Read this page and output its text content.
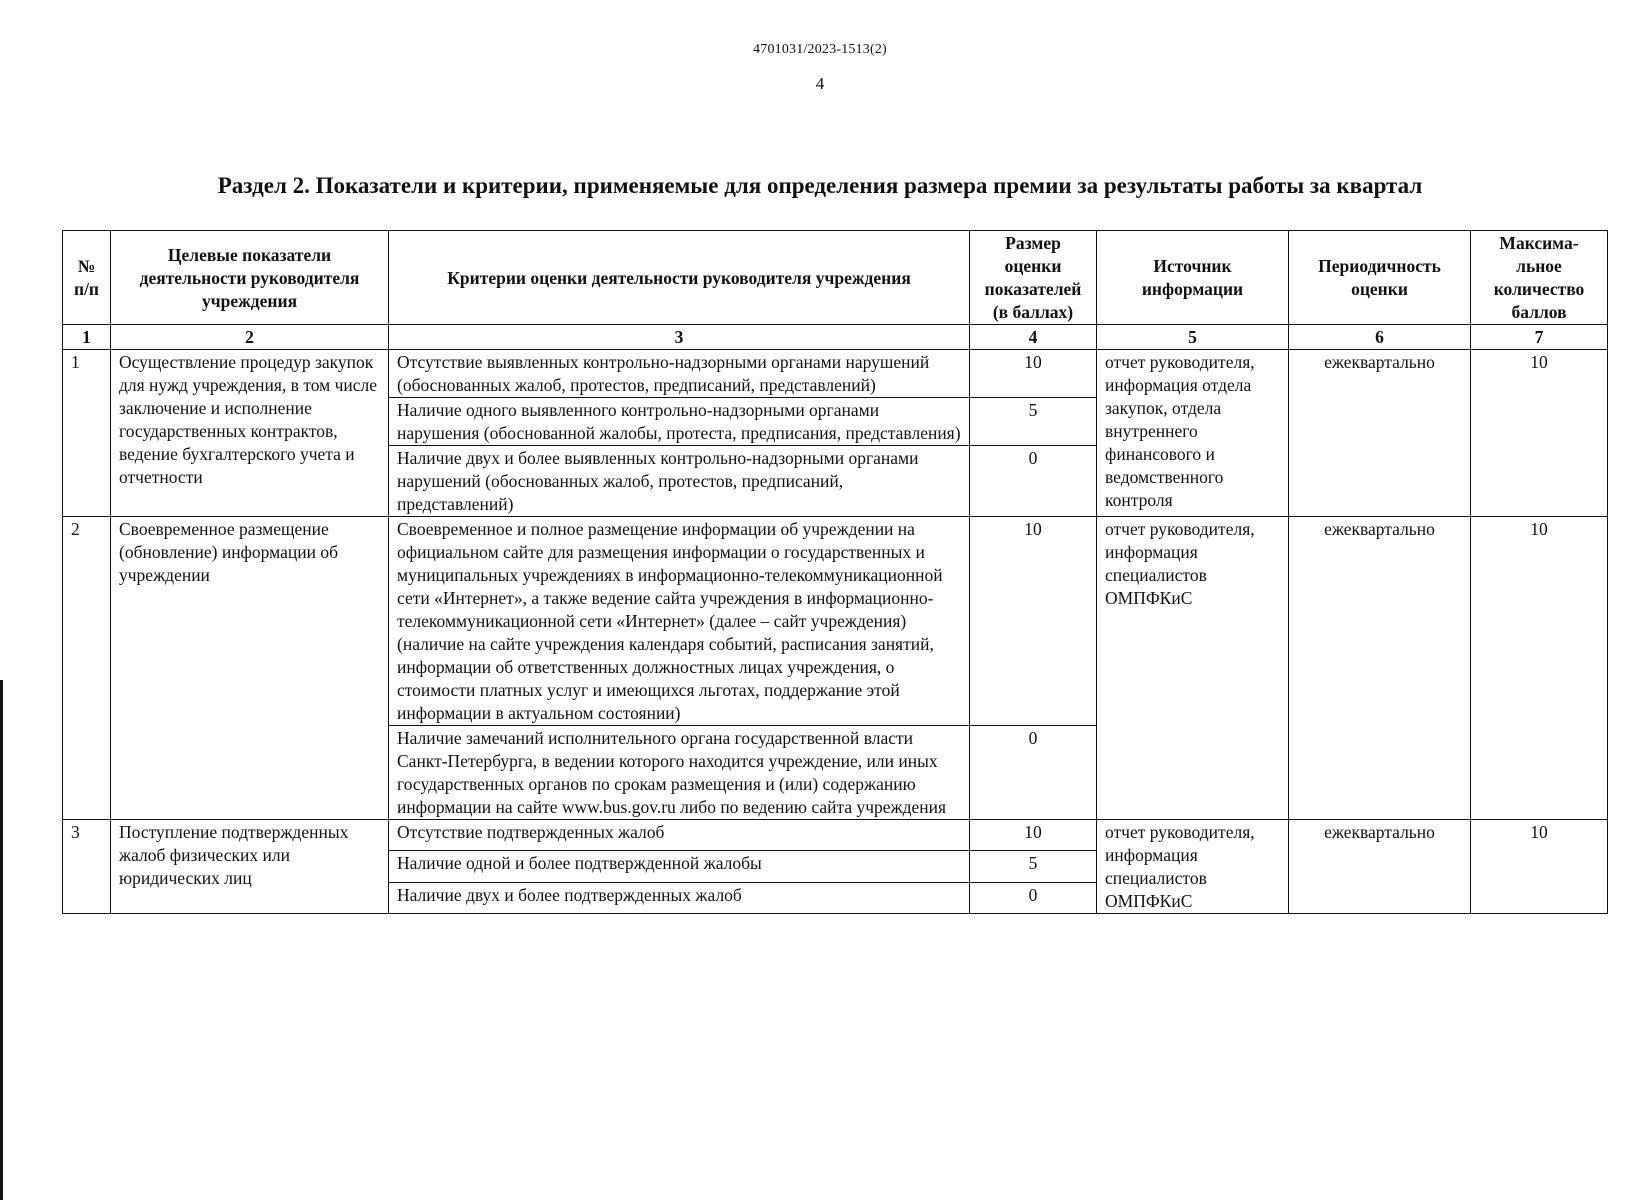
4701031/2023-1513(2)
4
Раздел 2. Показатели и критерии, применяемые для определения размера премии за результаты работы за квартал
№ п/п	Целевые показатели деятельности руководителя учреждения	Критерии оценки деятельности руководителя учреждения	Размер оценки показателей (в баллах)	Источник информации	Периодичность оценки	Максима-льное количество баллов
1	2	3	4	5	6	7
1	Осуществление процедур закупок для нужд учреждения, в том числе заключение и исполнение государственных контрактов, ведение бухгалтерского учета и отчетности	Отсутствие выявленных контрольно-надзорными органами нарушений (обоснованных жалоб, протестов, предписаний, представлений)	10	отчет руководителя, информация отдела закупок, отдела внутреннего финансового и ведомственного контроля	ежеквартально	10
		Наличие одного выявленного контрольно-надзорными органами нарушения (обоснованной жалобы, протеста, предписания, представления)	5			
		Наличие двух и более выявленных контрольно-надзорными органами нарушений (обоснованных жалоб, протестов, предписаний, представлений)	0			
2	Своевременное размещение (обновление) информации об учреждении	Своевременное и полное размещение информации об учреждении на официальном сайте для размещения информации о государственных и муниципальных учреждениях в информационно-телекоммуникационной сети «Интернет», а также ведение сайта учреждения в информационно-телекоммуникационной сети «Интернет» (далее – сайт учреждения) (наличие на сайте учреждения календаря событий, расписания занятий, информации об ответственных должностных лицах учреждения, о стоимости платных услуг и имеющихся льготах, поддержание этой информации в актуальном состоянии)	10	отчет руководителя, информация специалистов ОМПФКиС	ежеквартально	10
		Наличие замечаний исполнительного органа государственной власти Санкт-Петербурга, в ведении которого находится учреждение, или иных государственных органов по срокам размещения и (или) содержанию информации на сайте www.bus.gov.ru либо по ведению сайта учреждения	0			
3	Поступление подтвержденных жалоб физических или юридических лиц	Отсутствие подтвержденных жалоб	10	отчет руководителя, информация специалистов ОМПФКиС	ежеквартально	10
		Наличие одной и более подтвержденной жалобы	5			
		Наличие двух и более подтвержденных жалоб	0			
